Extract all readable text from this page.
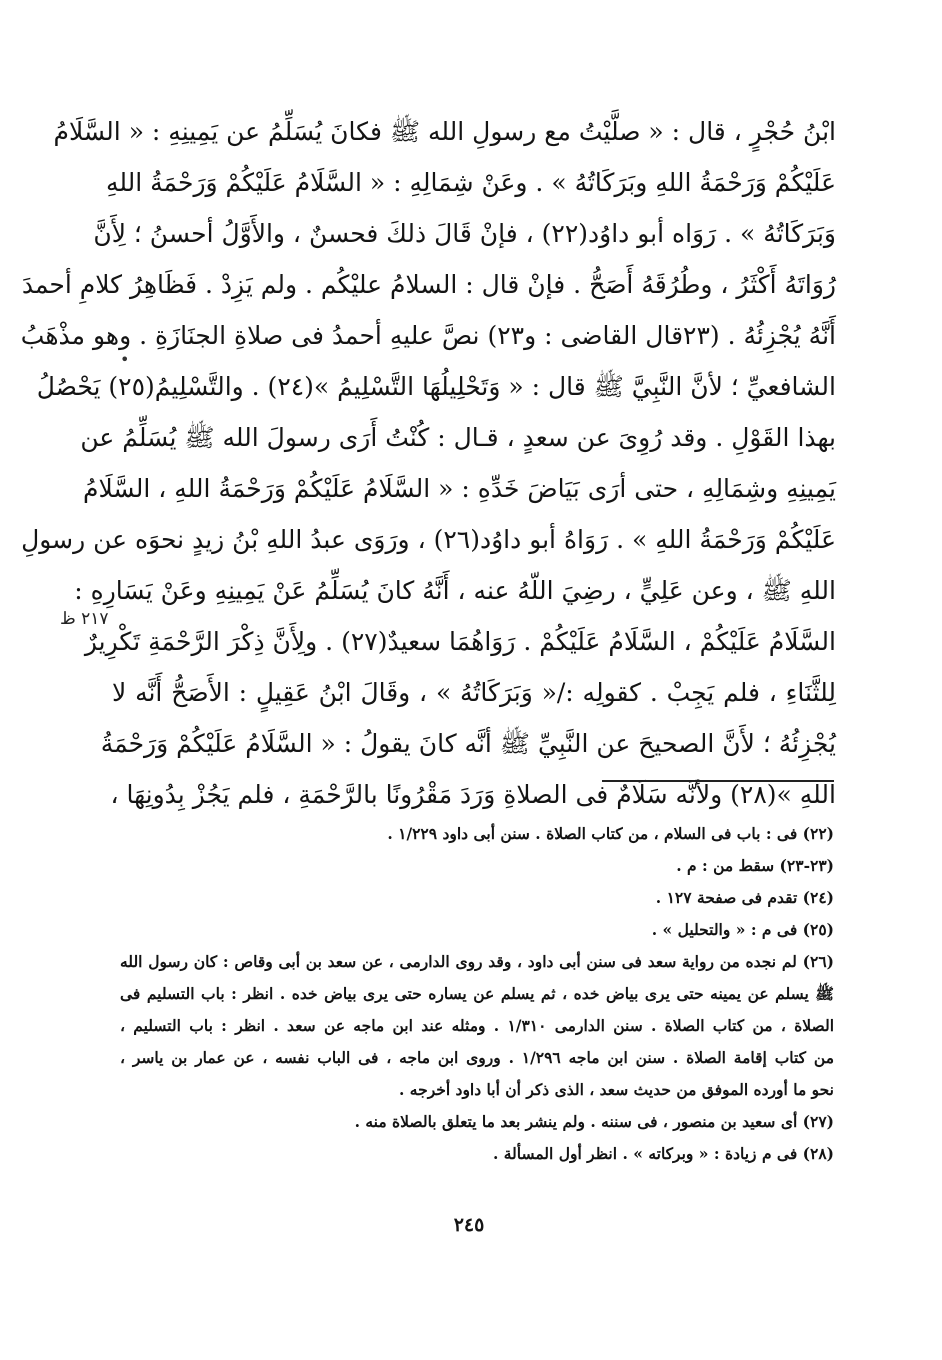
ابْنُ حُجْرٍ ، قال : « صلَّيْتُ مع رسولِ الله ﷺ فكانَ يُسَلِّمُ عن يَمِينِهِ : « السَّلَامُ
عَلَيْكُمْ وَرَحْمَةُ اللهِ وبَرَكَاتُهُ » . وعَنْ شِمَالِهِ : « السَّلَامُ عَلَيْكُمْ وَرَحْمَةُ اللهِ
وَبَرَكَاتُهُ » . رَوَاه أبو داوُد(٢٢) ، فإنْ قَالَ ذلكَ فحسنٌ ، والأَوَّلُ أحسنُ ؛ لِأَنَّ
رُوَاتَهُ أَكْثَرُ ، وطُرُقَهُ أَصَحُّ . فإنْ قال : السلامُ عليْكُم . ولم يَزِدْ . فَظَاهِرُ كلامِ أحمدَ
أَنَّهُ يُجْزِئُهُ . (٢٣قال القاضى : و٢٣) نصَّ عليهِ أحمدُ فى صلاةِ الجنَازَةِ . وهو مذْهَبُ
الشافعيِّ ؛ لأنَّ النَّبِيَّ ﷺ قال : « وَتَحْلِيلُهَا التَّسْلِيمُ »(٢٤) . والتَّسْلِيمُ(٢٥) يَحْصُلُ
بهذا القَوْلِ . وقد رُوِىَ عن سعدٍ ، قـال : كُنْتُ أَرَى رسولَ الله ﷺ يُسَلِّمُ عن
يَمِينِهِ وشِمَالِهِ ، حتى أرَى بَيَاضَ خَدِّهِ : « السَّلَامُ عَلَيْكُمْ وَرَحْمَةُ اللهِ ، السَّلَامُ
عَلَيْكُمْ وَرَحْمَةُ اللهِ » . رَوَاهُ أبو داوُد(٢٦) ، ورَوَى عبدُ اللهِ بْنُ زيدٍ نحوَه عن رسولِ
اللهِ ﷺ ، وعن عَلِيٍّ ، رضِيَ اللّهُ عنه ، أَنَّهُ كانَ يُسَلِّمُ عَنْ يَمِينِهِ وعَنْ يَسَارِهِ :
السَّلَامُ عَلَيْكُمْ ، السَّلَامُ عَلَيْكُمْ . رَوَاهُمَا سعيدٌ(٢٧) . ولِأَنَّ ذِكْرَ الرَّحْمَةِ تَكْرِيرٌ
لِلثَّنَاءِ ، فلم يَجِبْ . كقولِه :/« وَبَرَكَاتُهُ » ، وقَالَ ابْنُ عَقِيلٍ : الأَصَحُّ أَنَّه لا
يُجْزِئُهُ ؛ لأَنَّ الصحيحَ عن النَّبِيِّ ﷺ أنَّه كانَ يقولُ : « السَّلَامُ عَلَيْكُمْ وَرَحْمَةُ
اللهِ »(٢٨) ولأنَّه سَلَامٌ فى الصلاةِ وَرَدَ مَقْرُونًا بالرَّحْمَةِ ، فلم يَجُزْ بِدُونِهَا ،
•
٢١٧ ظ
(٢٢) فى : باب فى السلام ، من كتاب الصلاة . سنن أبى داود ١/٢٢٩ .
(٢٣-٢٣) سقط من : م .
(٢٤) تقدم فى صفحة ١٢٧ .
(٢٥) فى م : « والتحليل » .
(٢٦) لم نجده من رواية سعد فى سنن أبى داود ، وقد روى الدارمى ، عن سعد بن أبى وقاص : كان رسول الله
ﷺ يسلم عن يمينه حتى يرى بياض خده ، ثم يسلم عن يساره حتى يرى بياض خده . انظر : باب التسليم فى
الصلاة ، من كتاب الصلاة . سنن الدارمى ١/٣١٠ . ومثله عند ابن ماجه عن سعد . انظر : باب التسليم ،
من كتاب إقامة الصلاة . سنن ابن ماجه ١/٢٩٦ . وروى ابن ماجه ، فى الباب نفسه ، عن عمار بن ياسر ،
نحو ما أورده الموفق من حديث سعد ، الذى ذكر أن أبا داود أخرجه .
(٢٧) أى سعيد بن منصور ، فى سننه . ولم ينشر بعد ما يتعلق بالصلاة منه .
(٢٨) فى م زيادة : « وبركاته » . انظر أول المسألة .
٢٤٥
